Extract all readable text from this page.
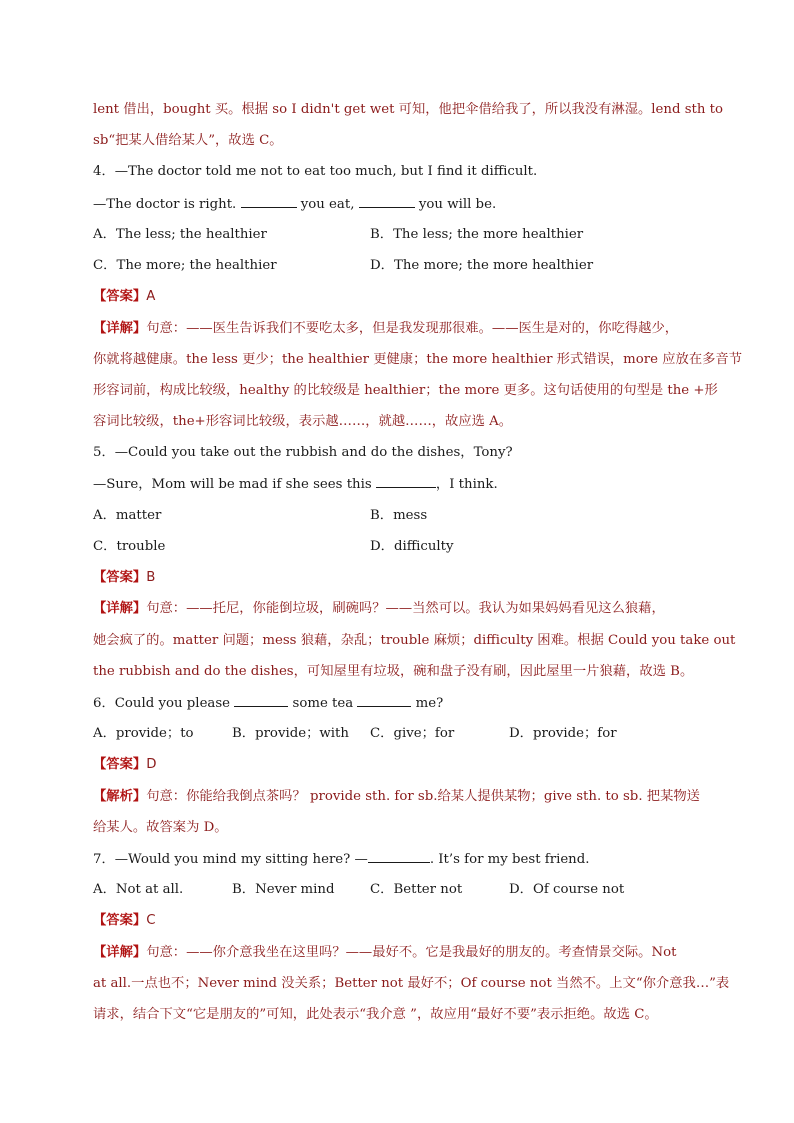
lent 借出，bought 买。根据 so I didn't get wet 可知，他把伞借给我了，所以我没有淋湿。lend sth to
sb“把某人借给某人”，故选 C。
4．—The doctor told me not to eat too much, but I find it difficult.
—The doctor is right.	you eat,	you will be.
A．The less; the healthier	B．The less; the more healthier
C．The more; the healthier	D．The more; the more healthier
【答案】A
【详解】句意：——医生告诉我们不要吃太多，但是我发现那很难。——医生是对的，你吃得越少，
你就将越健康。the less 更少；the healthier 更健康；the more healthier 形式错误，more 应放在多音节
形容词前，构成比较级，healthy 的比较级是 healthier；the more 更多。这句话使用的句型是 the +形
容词比较级，the+形容词比较级，表示越……，就越……，故应选 A。
5．—Could you take out the rubbish and do the dishes，Tony?
—Sure，Mom will be mad if she sees this	，I think.
A．matter	B．mess
C．trouble	D．difficulty
【答案】B
【详解】句意：——托尼，你能倒垃圾，刷碗吗？——当然可以。我认为如果妈妈看见这么狼藉，
她会疯了的。matter 问题；mess 狼藉，杂乱；trouble 麻烦；difficulty 困难。根据 Could you take out
the rubbish and do the dishes，可知屋里有垃圾，碗和盘子没有刷，因此屋里一片狼藉，故选 B。
6．Could you please	some tea	me?
A．provide；to	B．provide；with C．give；for	D．provide；for
【答案】D
【解析】句意：你能给我倒点茶吗？ provide sth. for sb.给某人提供某物；give sth. to sb. 把某物送
给某人。故答案为 D。
7．—Would you mind my sitting here? —	. It’s for my best friend.
A．Not at all.	B．Never mind	C．Better not	D．Of course not
【答案】C
【详解】句意：——你介意我坐在这里吗？——最好不。它是我最好的朋友的。考查情景交际。Not
at all.一点也不；Never mind 没关系；Better not 最好不；Of course not 当然不。上文“你介意我…”表
请求，结合下文“它是朋友的”可知，此处表示“我介意 ”，故应用“最好不要”表示拒绝。故选 C。
